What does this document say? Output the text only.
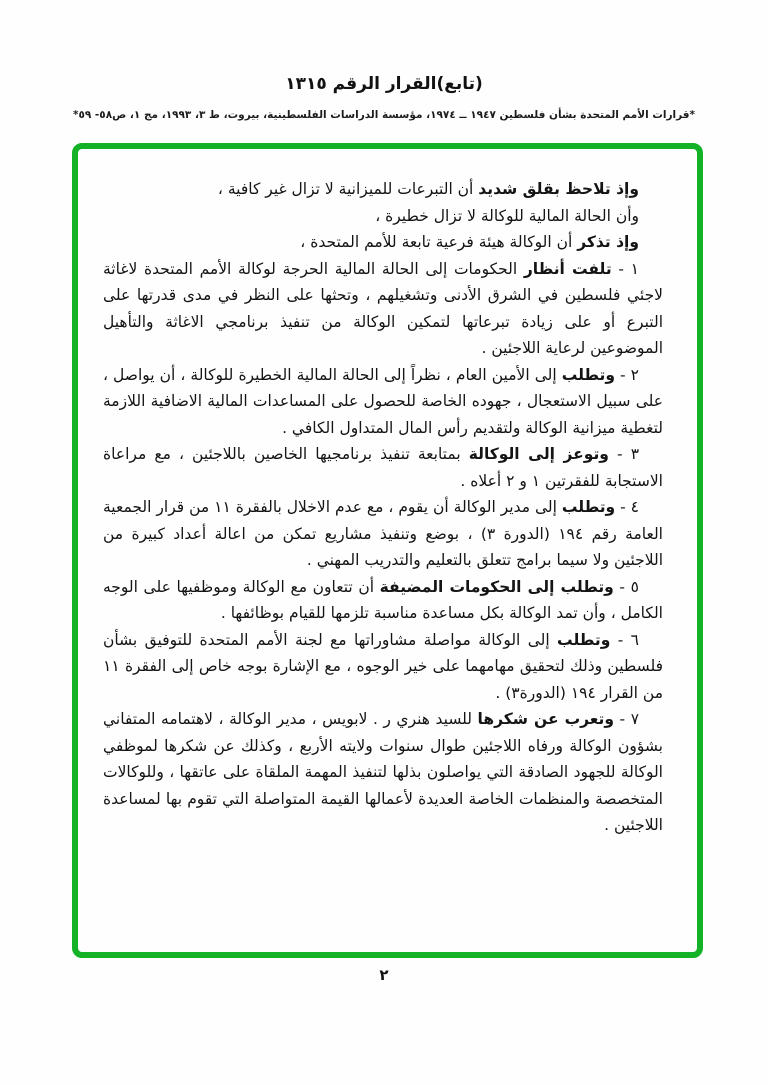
(تابع)القرار الرقم ١٣١٥
*قرارات الأمم المتحدة بشأن فلسطين ١٩٤٧ ــ ١٩٧٤، مؤسسة الدراسات الفلسطينية، بيروت، ط ٣، ١٩٩٣، مج ١، ص٥٨- ٥٩*

وإذ تلاحظ بقلق شديد أن التبرعات للميزانية لا تزال غير كافية ،

وأن الحالة المالية للوكالة لا تزال خطيرة ،

وإذ تذكر أن الوكالة هيئة فرعية تابعة للأمم المتحدة ،

١ - تلفت أنظار الحكومات إلى الحالة المالية الحرجة لوكالة الأمم المتحدة لاغاثة لاجئي فلسطين في الشرق الأدنى وتشغيلهم ، وتحثها على النظر في مدى قدرتها على التبرع أو على زيادة تبرعاتها لتمكين الوكالة من تنفيذ برنامجي الاغاثة والتأهيل الموضوعين لرعاية اللاجئين .

٢ - وتطلب إلى الأمين العام ، نظراً إلى الحالة المالية الخطيرة للوكالة ، أن يواصل ، على سبيل الاستعجال ، جهوده الخاصة للحصول على المساعدات المالية الاضافية اللازمة لتغطية ميزانية الوكالة ولتقديم رأس المال المتداول الكافي .

٣ - وتوعز إلى الوكالة بمتابعة تنفيذ برنامجيها الخاصين باللاجئين ، مع مراعاة الاستجابة للفقرتين ١ و ٢ أعلاه .

٤ - وتطلب إلى مدير الوكالة أن يقوم ، مع عدم الاخلال بالفقرة ١١ من قرار الجمعية العامة رقم ١٩٤ (الدورة ٣) ، بوضع وتنفيذ مشاريع تمكن من اعالة أعداد كبيرة من اللاجئين ولا سيما برامج تتعلق بالتعليم والتدريب المهني .

٥ - وتطلب إلى الحكومات المضيفة أن تتعاون مع الوكالة وموظفيها على الوجه الكامل ، وأن تمد الوكالة بكل مساعدة مناسبة تلزمها للقيام بوظائفها .

٦ - وتطلب إلى الوكالة مواصلة مشاوراتها مع لجنة الأمم المتحدة للتوفيق بشأن فلسطين وذلك لتحقيق مهامهما على خير الوجوه ، مع الإشارة بوجه خاص إلى الفقرة ١١ من القرار ١٩٤ (الدورة٣) .

٧ - وتعرب عن شكرها للسيد هنري ر . لابويس ، مدير الوكالة ، لاهتمامه المتفاني بشؤون الوكالة ورفاه اللاجئين طوال سنوات ولايته الأربع ، وكذلك عن شكرها لموظفي الوكالة للجهود الصادقة التي يواصلون بذلها لتنفيذ المهمة الملقاة على عاتقها ، وللوكالات المتخصصة والمنظمات الخاصة العديدة لأعمالها القيمة المتواصلة التي تقوم بها لمساعدة اللاجئين .

٢
